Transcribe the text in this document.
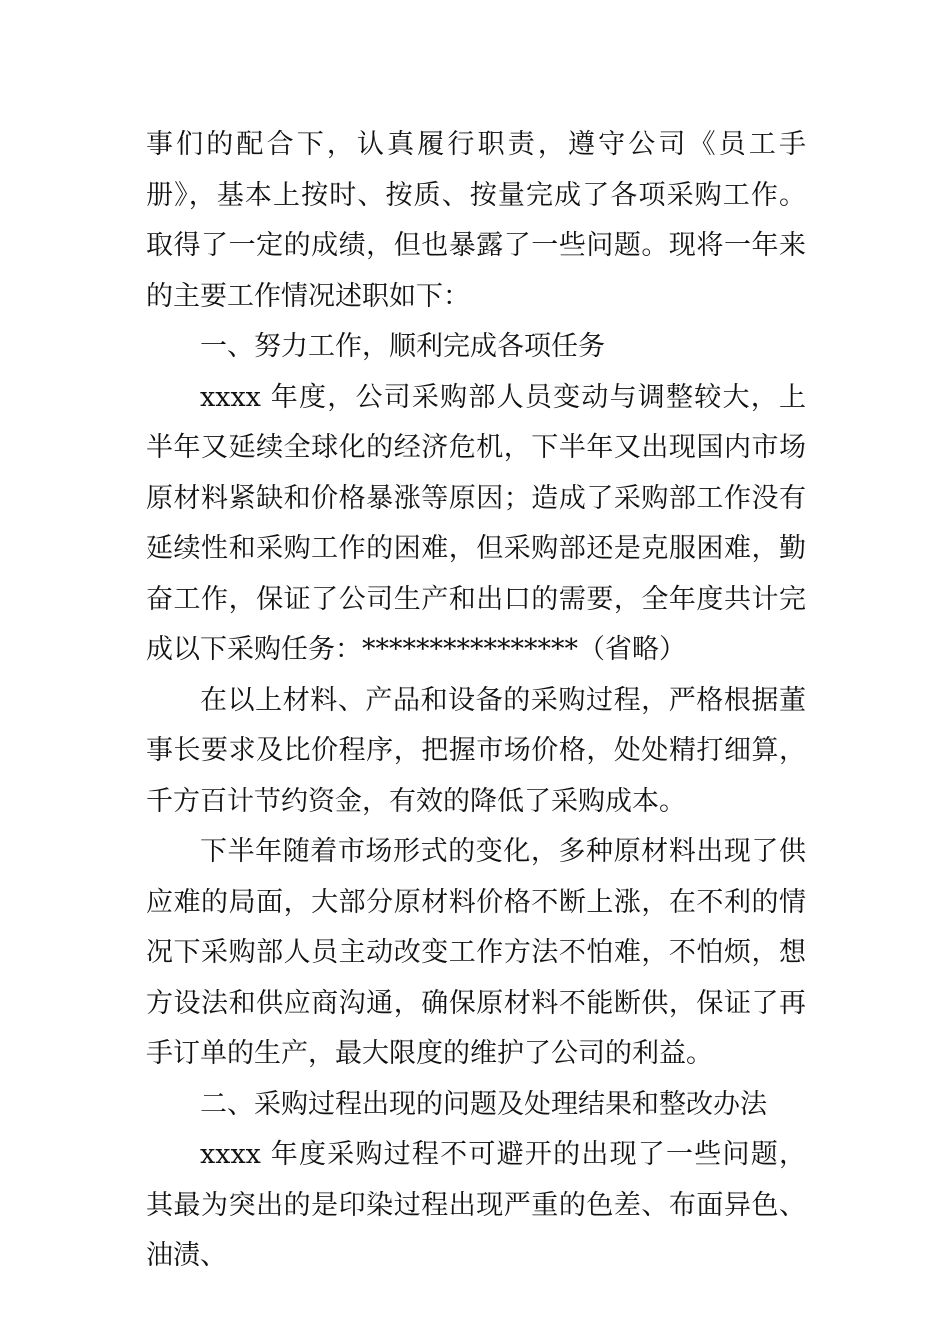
事们的配合下，认真履行职责，遵守公司《员工手册》，基本上按时、按质、按量完成了各项采购工作。取得了一定的成绩，但也暴露了一些问题。现将一年来的主要工作情况述职如下：

一、努力工作，顺利完成各项任务

xxxx 年度，公司采购部人员变动与调整较大，上半年又延续全球化的经济危机，下半年又出现国内市场原材料紧缺和价格暴涨等原因；造成了采购部工作没有延续性和采购工作的困难，但采购部还是克服困难，勤奋工作，保证了公司生产和出口的需要，全年度共计完成以下采购任务：****************（省略）

在以上材料、产品和设备的采购过程，严格根据董事长要求及比价程序，把握市场价格，处处精打细算，千方百计节约资金，有效的降低了采购成本。

下半年随着市场形式的变化，多种原材料出现了供应难的局面，大部分原材料价格不断上涨，在不利的情况下采购部人员主动改变工作方法不怕难，不怕烦，想方设法和供应商沟通，确保原材料不能断供，保证了再手订单的生产，最大限度的维护了公司的利益。

二、采购过程出现的问题及处理结果和整改办法

xxxx 年度采购过程不可避开的出现了一些问题，其最为突出的是印染过程出现严重的色差、布面异色、油渍、
